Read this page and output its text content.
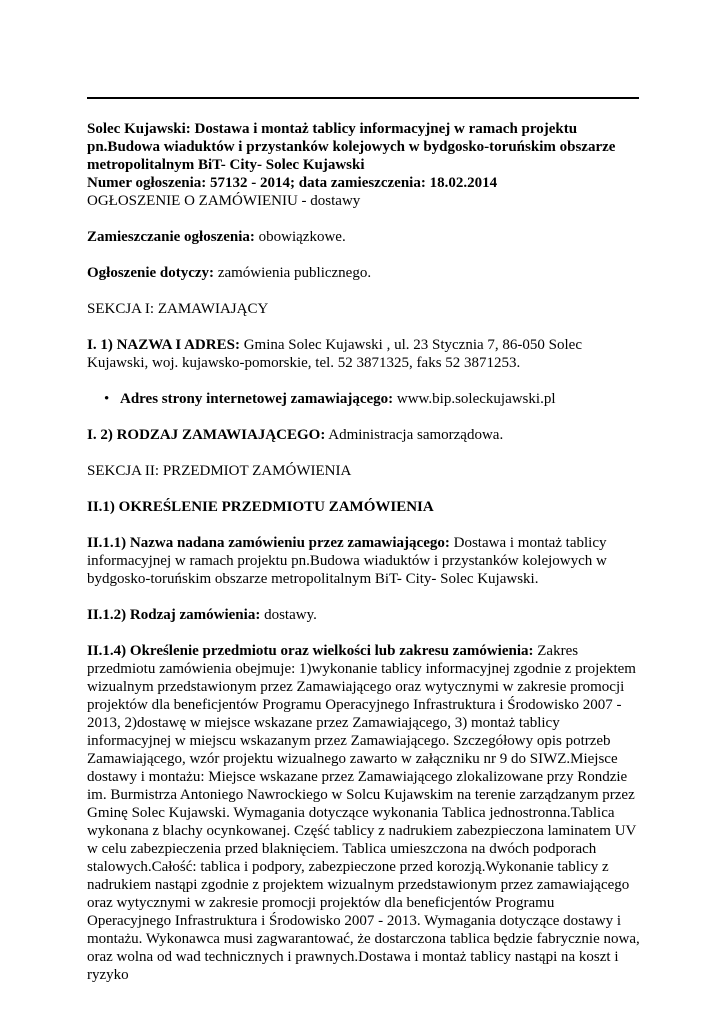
Solec Kujawski: Dostawa i montaż tablicy informacyjnej w ramach projektu

pn.Budowa wiaduktów i przystanków kolejowych w bydgosko-toruńskim obszarze

metropolitalnym BiT- City- Solec Kujawski

Numer ogłoszenia: 57132 - 2014; data zamieszczenia: 18.02.2014

OGŁOSZENIE O ZAMÓWIENIU - dostawy

Zamieszczanie ogłoszenia: obowiązkowe.

Ogłoszenie dotyczy: zamówienia publicznego.

SEKCJA I: ZAMAWIAJĄCY

I. 1) NAZWA I ADRES: Gmina Solec Kujawski , ul. 23 Stycznia 7, 86-050 Solec Kujawski, woj. kujawsko-pomorskie, tel. 52 3871325, faks 52 3871253.

• Adres strony internetowej zamawiającego: www.bip.soleckujawski.pl

I. 2) RODZAJ ZAMAWIAJĄCEGO: Administracja samorządowa.

SEKCJA II: PRZEDMIOT ZAMÓWIENIA

II.1) OKREŚLENIE PRZEDMIOTU ZAMÓWIENIA

II.1.1) Nazwa nadana zamówieniu przez zamawiającego: Dostawa i montaż tablicy informacyjnej w ramach projektu pn.Budowa wiaduktów i przystanków kolejowych w bydgosko-toruńskim obszarze metropolitalnym BiT- City- Solec Kujawski.

II.1.2) Rodzaj zamówienia: dostawy.

II.1.4) Określenie przedmiotu oraz wielkości lub zakresu zamówienia: Zakres przedmiotu zamówienia obejmuje: 1)wykonanie tablicy informacyjnej zgodnie z projektem wizualnym przedstawionym przez Zamawiającego oraz wytycznymi w zakresie promocji projektów dla beneficjentów Programu Operacyjnego Infrastruktura i Środowisko 2007 - 2013, 2)dostawę w miejsce wskazane przez Zamawiającego, 3) montaż tablicy informacyjnej w miejscu wskazanym przez Zamawiającego. Szczegółowy opis potrzeb Zamawiającego, wzór projektu wizualnego zawarto w załączniku nr 9 do SIWZ.Miejsce dostawy i montażu: Miejsce wskazane przez Zamawiającego zlokalizowane przy Rondzie im. Burmistrza Antoniego Nawrockiego w Solcu Kujawskim na terenie zarządzanym przez Gminę Solec Kujawski. Wymagania dotyczące wykonania Tablica jednostronna.Tablica wykonana z blachy ocynkowanej. Część tablicy z nadrukiem zabezpieczona laminatem UV w celu zabezpieczenia przed blaknięciem. Tablica umieszczona na dwóch podporach stalowych.Całość: tablica i podpory, zabezpieczone przed korozją.Wykonanie tablicy z nadrukiem nastąpi zgodnie z projektem wizualnym przedstawionym przez zamawiającego oraz wytycznymi w zakresie promocji projektów dla beneficjentów Programu Operacyjnego Infrastruktura i Środowisko 2007 - 2013. Wymagania dotyczące dostawy i montażu. Wykonawca musi zagwarantować, że dostarczona tablica będzie fabrycznie nowa, oraz wolna od wad technicznych i prawnych.Dostawa i montaż tablicy nastąpi na koszt i ryzyko
